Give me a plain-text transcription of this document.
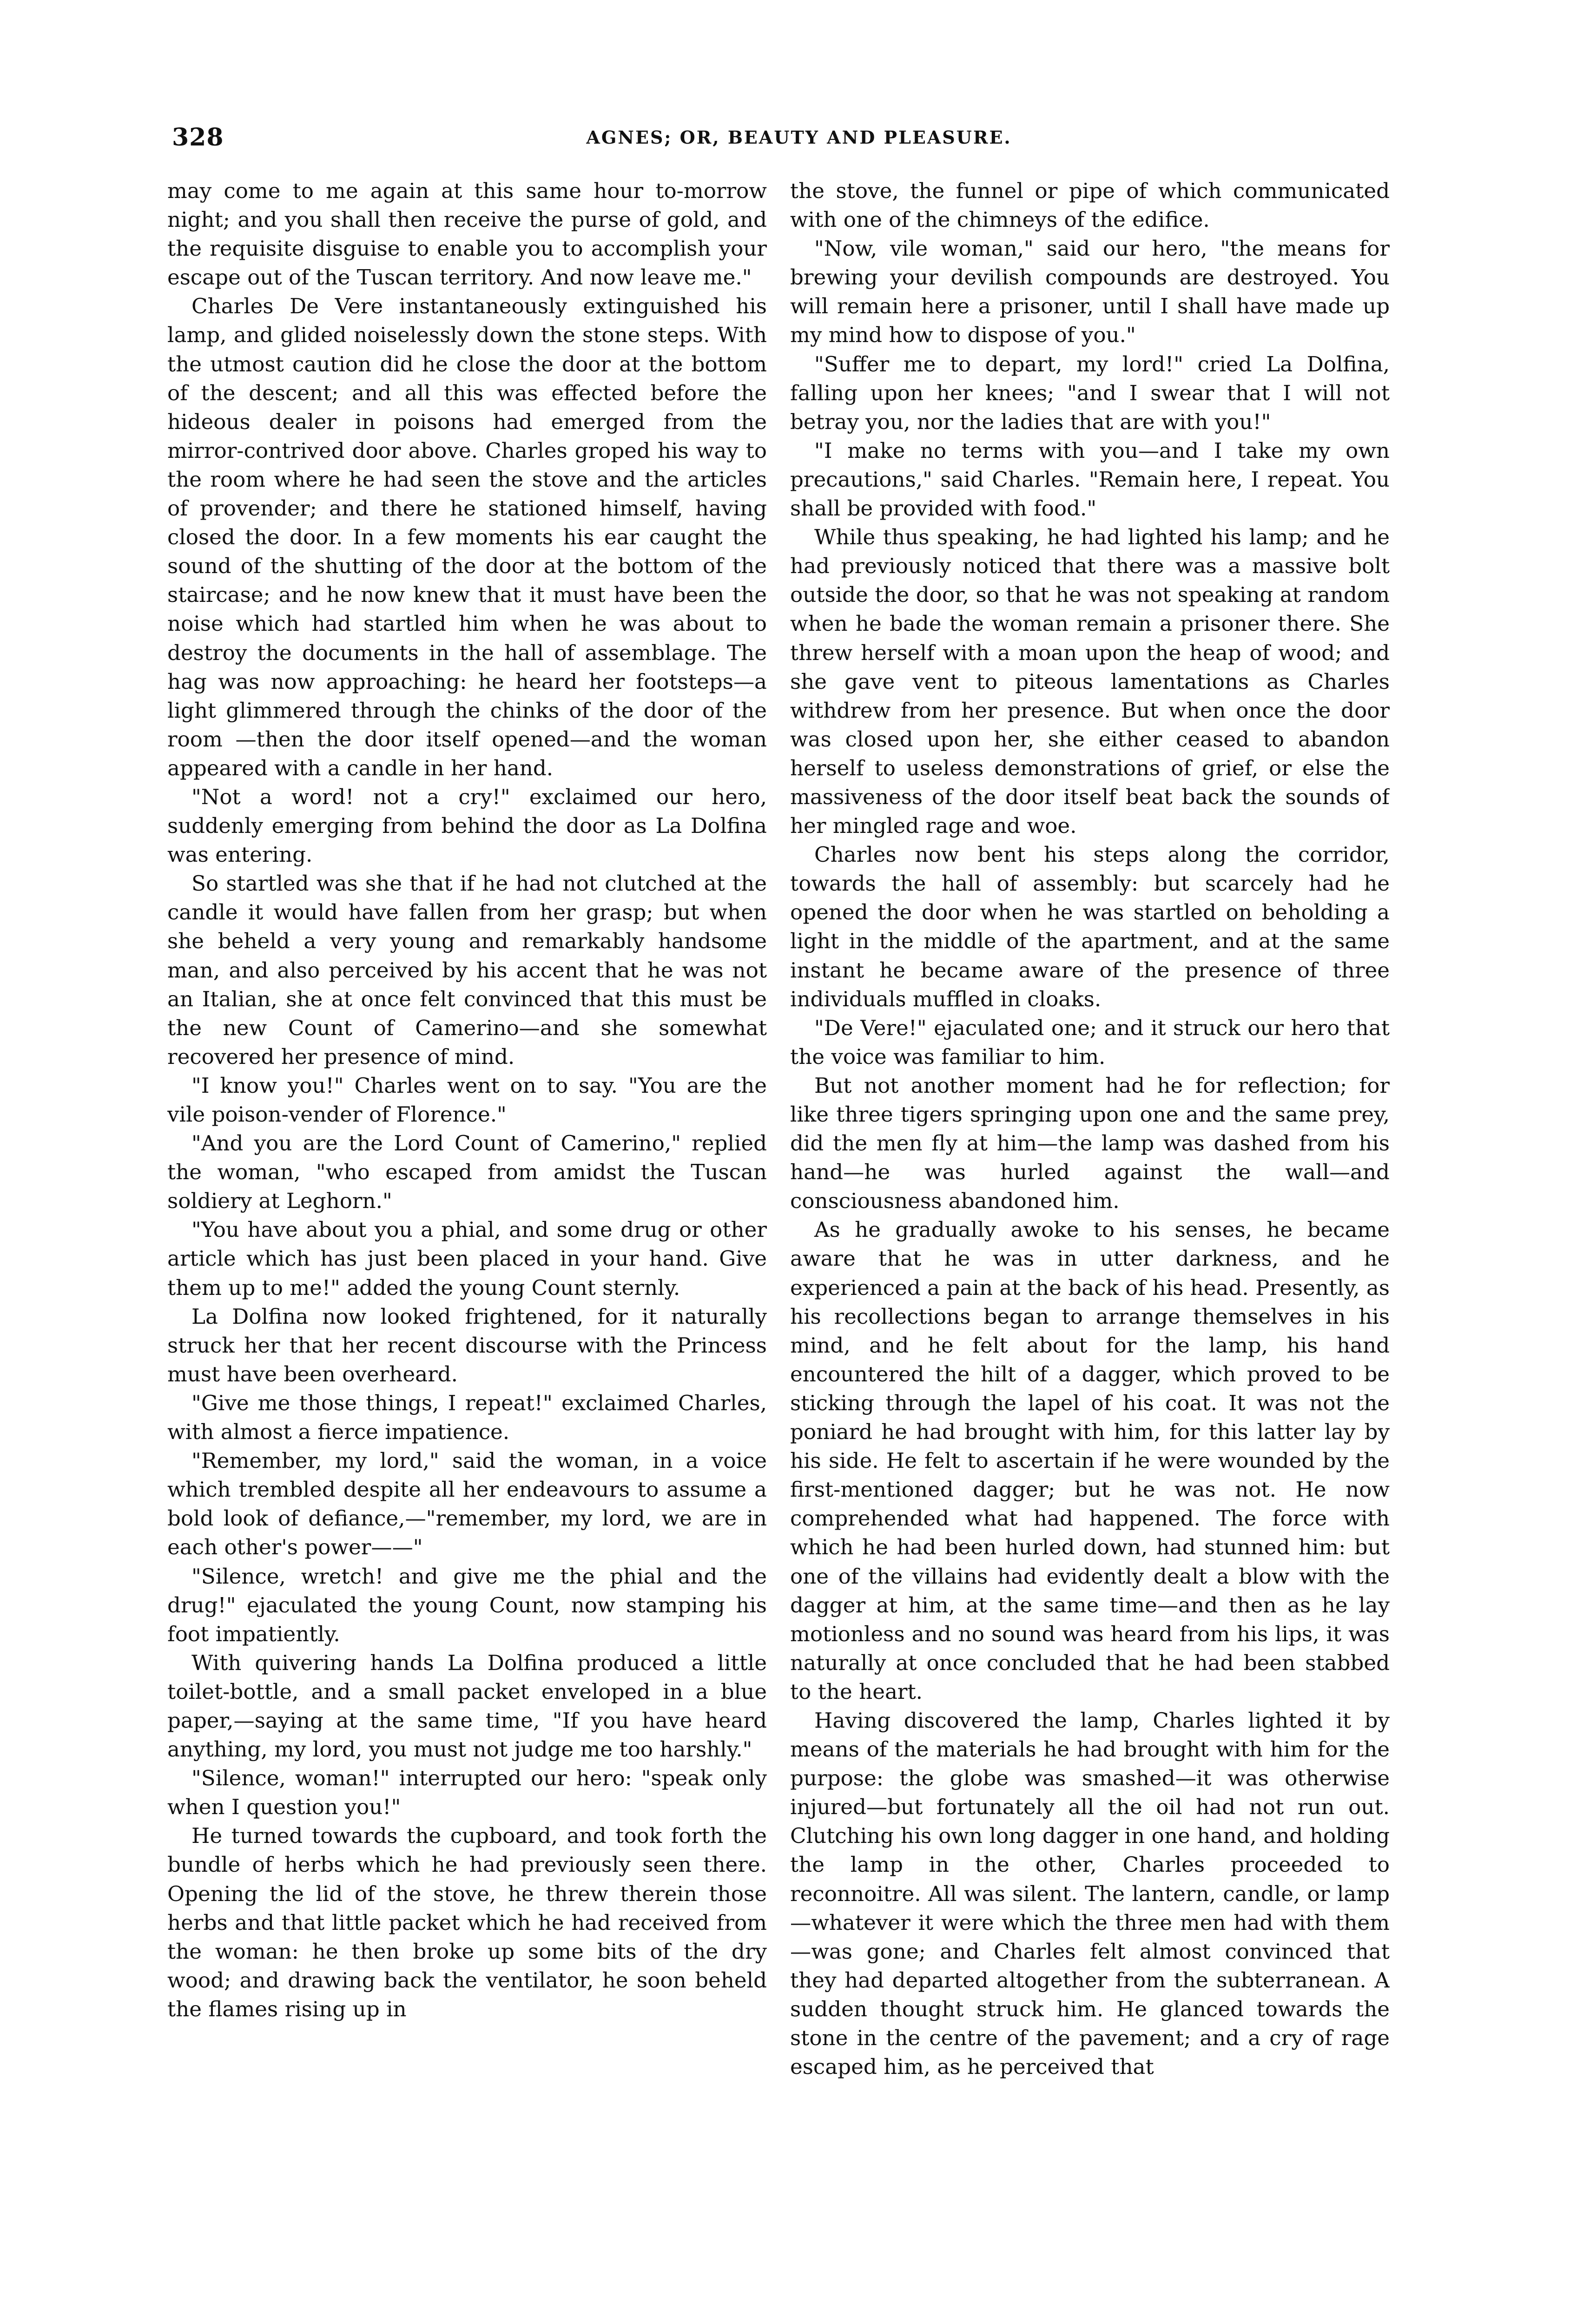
328	AGNES; OR, BEAUTY AND PLEASURE.

may come to me again at this same hour to-morrow night; and you shall then receive the purse of gold, and the requisite disguise to enable you to accomplish your escape out of the Tuscan territory. And now leave me."

Charles De Vere instantaneously extinguished his lamp, and glided noiselessly down the stone steps. With the utmost caution did he close the door at the bottom of the descent; and all this was effected before the hideous dealer in poisons had emerged from the mirror-contrived door above. Charles groped his way to the room where he had seen the stove and the articles of provender; and there he stationed himself, having closed the door. In a few moments his ear caught the sound of the shutting of the door at the bottom of the staircase; and he now knew that it must have been the noise which had startled him when he was about to destroy the documents in the hall of assemblage. The hag was now approaching: he heard her footsteps—a light glimmered through the chinks of the door of the room —then the door itself opened—and the woman appeared with a candle in her hand.

"Not a word! not a cry!" exclaimed our hero, suddenly emerging from behind the door as La Dolfina was entering.

So startled was she that if he had not clutched at the candle it would have fallen from her grasp; but when she beheld a very young and remarkably handsome man, and also perceived by his accent that he was not an Italian, she at once felt convinced that this must be the new Count of Camerino—and she somewhat recovered her presence of mind.

"I know you!" Charles went on to say. "You are the vile poison-vender of Florence."

"And you are the Lord Count of Camerino," replied the woman, "who escaped from amidst the Tuscan soldiery at Leghorn."

"You have about you a phial, and some drug or other article which has just been placed in your hand. Give them up to me!" added the young Count sternly.

La Dolfina now looked frightened, for it naturally struck her that her recent discourse with the Princess must have been overheard.

"Give me those things, I repeat!" exclaimed Charles, with almost a fierce impatience.

"Remember, my lord," said the woman, in a voice which trembled despite all her endeavours to assume a bold look of defiance,—"remember, my lord, we are in each other's power——"

"Silence, wretch! and give me the phial and the drug!" ejaculated the young Count, now stamping his foot impatiently.

With quivering hands La Dolfina produced a little toilet-bottle, and a small packet enveloped in a blue paper,—saying at the same time, "If you have heard anything, my lord, you must not judge me too harshly."

"Silence, woman!" interrupted our hero: "speak only when I question you!"

He turned towards the cupboard, and took forth the bundle of herbs which he had previously seen there. Opening the lid of the stove, he threw therein those herbs and that little packet which he had received from the woman: he then broke up some bits of the dry wood; and drawing back the ventilator, he soon beheld the flames rising up in

the stove, the funnel or pipe of which communicated with one of the chimneys of the edifice.

"Now, vile woman," said our hero, "the means for brewing your devilish compounds are destroyed. You will remain here a prisoner, until I shall have made up my mind how to dispose of you."

"Suffer me to depart, my lord!" cried La Dolfina, falling upon her knees; "and I swear that I will not betray you, nor the ladies that are with you!"

"I make no terms with you—and I take my own precautions," said Charles. "Remain here, I repeat. You shall be provided with food."

While thus speaking, he had lighted his lamp; and he had previously noticed that there was a massive bolt outside the door, so that he was not speaking at random when he bade the woman remain a prisoner there. She threw herself with a moan upon the heap of wood; and she gave vent to piteous lamentations as Charles withdrew from her presence. But when once the door was closed upon her, she either ceased to abandon herself to useless demonstrations of grief, or else the massiveness of the door itself beat back the sounds of her mingled rage and woe.

Charles now bent his steps along the corridor, towards the hall of assembly: but scarcely had he opened the door when he was startled on beholding a light in the middle of the apartment, and at the same instant he became aware of the presence of three individuals muffled in cloaks.

"De Vere!" ejaculated one; and it struck our hero that the voice was familiar to him.

But not another moment had he for reflection; for like three tigers springing upon one and the same prey, did the men fly at him—the lamp was dashed from his hand—he was hurled against the wall—and consciousness abandoned him.

As he gradually awoke to his senses, he became aware that he was in utter darkness, and he experienced a pain at the back of his head. Presently, as his recollections began to arrange themselves in his mind, and he felt about for the lamp, his hand encountered the hilt of a dagger, which proved to be sticking through the lapel of his coat. It was not the poniard he had brought with him, for this latter lay by his side. He felt to ascertain if he were wounded by the first-mentioned dagger; but he was not. He now comprehended what had happened. The force with which he had been hurled down, had stunned him: but one of the villains had evidently dealt a blow with the dagger at him, at the same time—and then as he lay motionless and no sound was heard from his lips, it was naturally at once concluded that he had been stabbed to the heart.

Having discovered the lamp, Charles lighted it by means of the materials he had brought with him for the purpose: the globe was smashed—it was otherwise injured—but fortunately all the oil had not run out. Clutching his own long dagger in one hand, and holding the lamp in the other, Charles proceeded to reconnoitre. All was silent. The lantern, candle, or lamp—whatever it were which the three men had with them—was gone; and Charles felt almost convinced that they had departed altogether from the subterranean. A sudden thought struck him. He glanced towards the stone in the centre of the pavement; and a cry of rage escaped him, as he perceived that
